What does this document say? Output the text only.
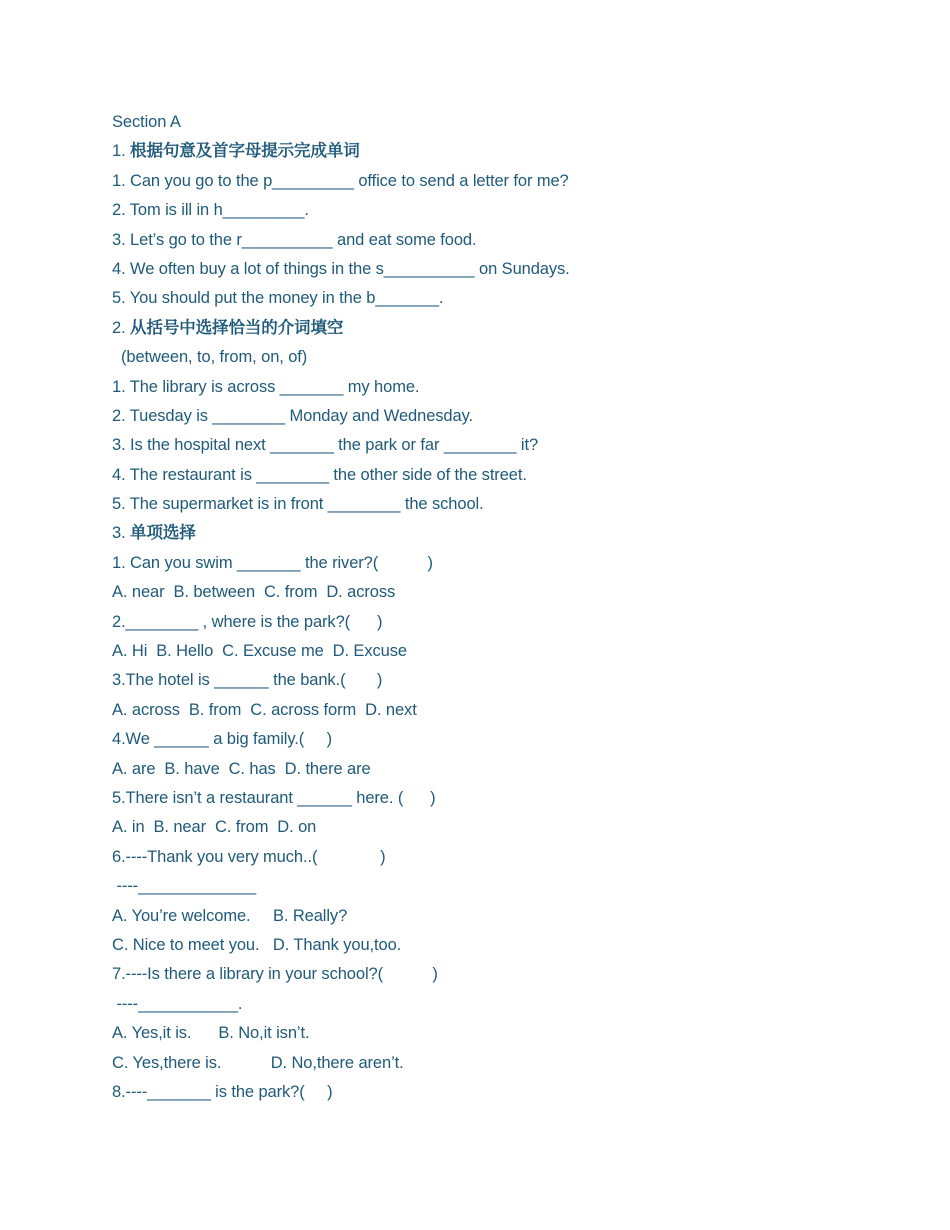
Section A
1. 根据句意及首字母提示完成单词
1. Can you go to the p_________ office to send a letter for me?
2. Tom is ill in h_________.
3. Let’s go to the r__________ and eat some food.
4. We often buy a lot of things in the s__________ on Sundays.
5. You should put the money in the b_______.
2. 从括号中选择恰当的介词填空
(between, to, from, on, of)
1. The library is across _______ my home.
2. Tuesday is ________ Monday and Wednesday.
3. Is the hospital next _______ the park or far ________ it?
4. The restaurant is ________ the other side of the street.
5. The supermarket is in front ________ the school.
3. 单项选择
1. Can you swim _______ the river?(           )
A. near  B. between  C. from  D. across
2.________ , where is the park?(      )
A. Hi  B. Hello  C. Excuse me  D. Excuse
3.The hotel is ______ the bank.(       )
A. across  B. from  C. across form  D. next
4.We ______ a big family.(     )
A. are  B. have  C. has  D. there are
5.There isn’t a restaurant ______ here. (      )
A. in  B. near  C. from  D. on
6.----Thank you very much..(              )
----_____________
A. You’re welcome.     B. Really?
C. Nice to meet you.   D. Thank you,too.
7.----Is there a library in your school?(           )
----___________.
A. Yes,it is.      B. No,it isn’t.
C. Yes,there is.           D. No,there aren’t.
8.----_______ is the park?(     )
